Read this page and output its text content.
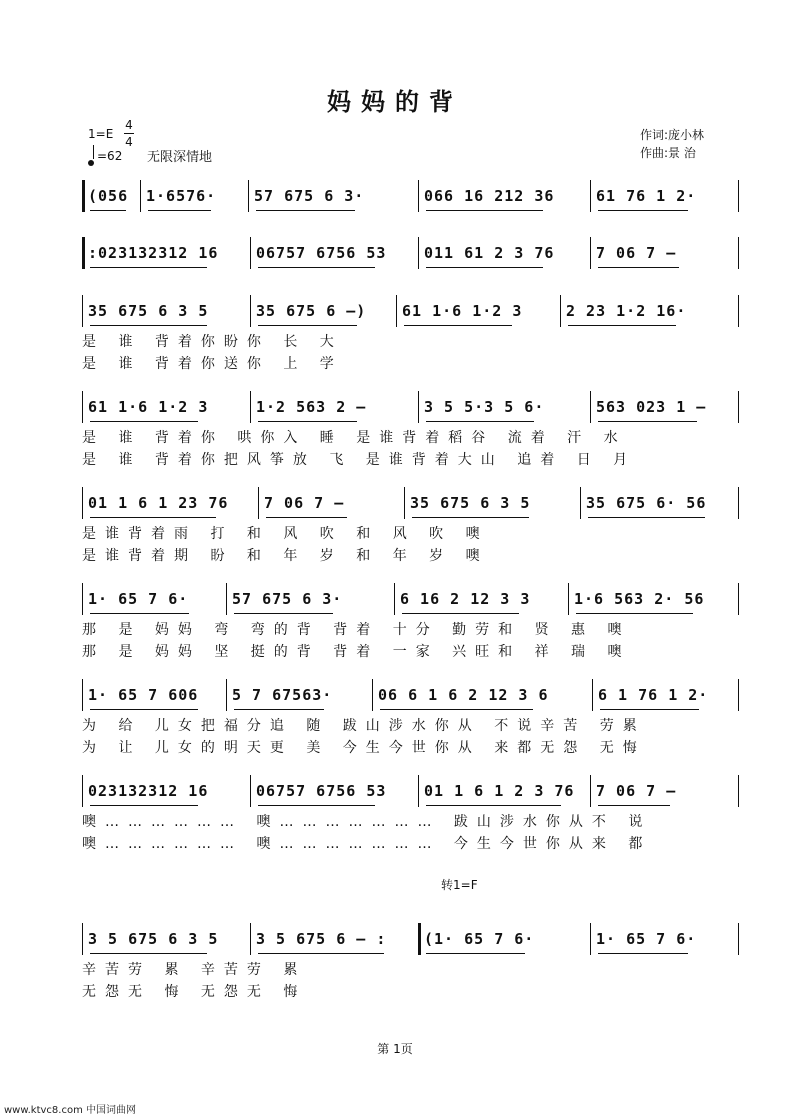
妈妈的背
1=E
4
4
=62 无限深情地
作词:庞小林
作曲:景 治
(056	1·6576·	57 675 6 3·	066 16 212 36	61 76 1 2·
:023132312 16	06757 6756 53	011 61 2 3 76	7 06 7 –
35 675 6 3 5	35 675 6 –)	61 1·6 1·2 3	2 23 1·2 16·
是 谁 背着你盼你 长 大
是 谁 背着你送你 上 学
61 1·6 1·2 3	1·2 563 2 –	3 5 5·3 5 6·	563 023 1 –
是 谁 背着你 哄你入 睡 是谁背着稻谷 流着 汗 水
是 谁 背着你把风筝放 飞 是谁背着大山 追着 日 月
01 1 6 1 23 76	7 06 7 –	35 675 6 3 5	35 675 6· 56
是谁背着雨 打 和 风 吹 和 风 吹 噢
是谁背着期 盼 和 年 岁 和 年 岁 噢
1· 65 7 6·	57 675 6 3·	6 16 2 12 3 3	1·6 563 2· 56
那 是 妈妈 弯 弯的背 背着 十分 勤劳和 贤 惠 噢
那 是 妈妈 坚 挺的背 背着 一家 兴旺和 祥 瑞 噢
1· 65 7 606	5 7 67563·	06 6 1 6 2 12 3 6	6 1 76 1 2·
为 给 儿女把福分追 随 跋山涉水你从 不说辛苦 劳累
为 让 儿女的明天更 美 今生今世你从 来都无怨 无悔
023132312 16	06757 6756 53	01 1 6 1 2 3 76	7 06 7 –
噢……………… 噢………………… 跋山涉水你从不 说
噢……………… 噢………………… 今生今世你从来 都
3 5 675 6 3 5	3 5 675 6 – :	(1· 65 7 6·	1· 65 7 6·
辛苦劳 累 辛苦劳 累
无怨无 悔 无怨无 悔
转1=F
第 1页
www.ktvc8.com 中国词曲网
